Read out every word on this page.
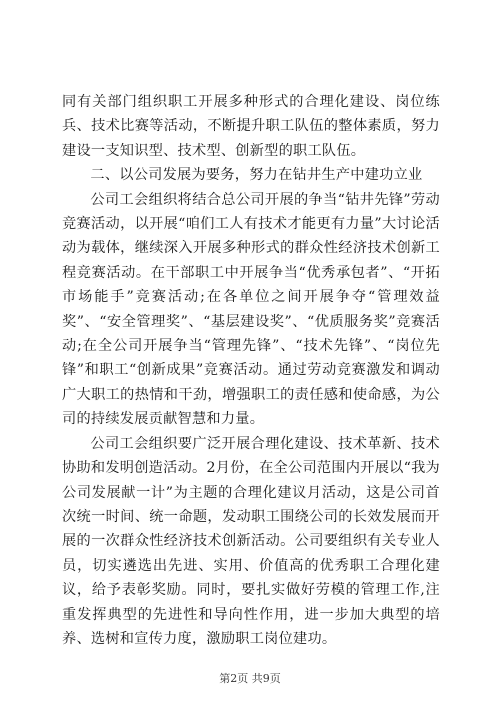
同有关部门组织职工开展多种形式的合理化建设、岗位练兵、技术比赛等活动，不断提升职工队伍的整体素质，努力建设一支知识型、技术型、创新型的职工队伍。

二、以公司发展为要务，努力在钻井生产中建功立业

公司工会组织将结合总公司开展的争当“钻井先锋”劳动竞赛活动，以开展“咱们工人有技术才能更有力量”大讨论活动为载体，继续深入开展多种形式的群众性经济技术创新工程竞赛活动。在干部职工中开展争当“优秀承包者”、“开拓市场能手”竞赛活动;在各单位之间开展争夺“管理效益奖”、“安全管理奖”、“基层建设奖”、“优质服务奖”竞赛活动;在全公司开展争当“管理先锋”、“技术先锋”、“岗位先锋”和职工“创新成果”竞赛活动。通过劳动竞赛激发和调动广大职工的热情和干劲，增强职工的责任感和使命感，为公司的持续发展贡献智慧和力量。

公司工会组织要广泛开展合理化建设、技术革新、技术协助和发明创造活动。2月份，在全公司范围内开展以“我为公司发展献一计”为主题的合理化建议月活动，这是公司首次统一时间、统一命题，发动职工围绕公司的长效发展而开展的一次群众性经济技术创新活动。公司要组织有关专业人员，切实遴选出先进、实用、价值高的优秀职工合理化建议，给予表彰奖励。同时，要扎实做好劳模的管理工作,注重发挥典型的先进性和导向性作用，进一步加大典型的培养、选树和宣传力度，激励职工岗位建功。

第2页 共9页
